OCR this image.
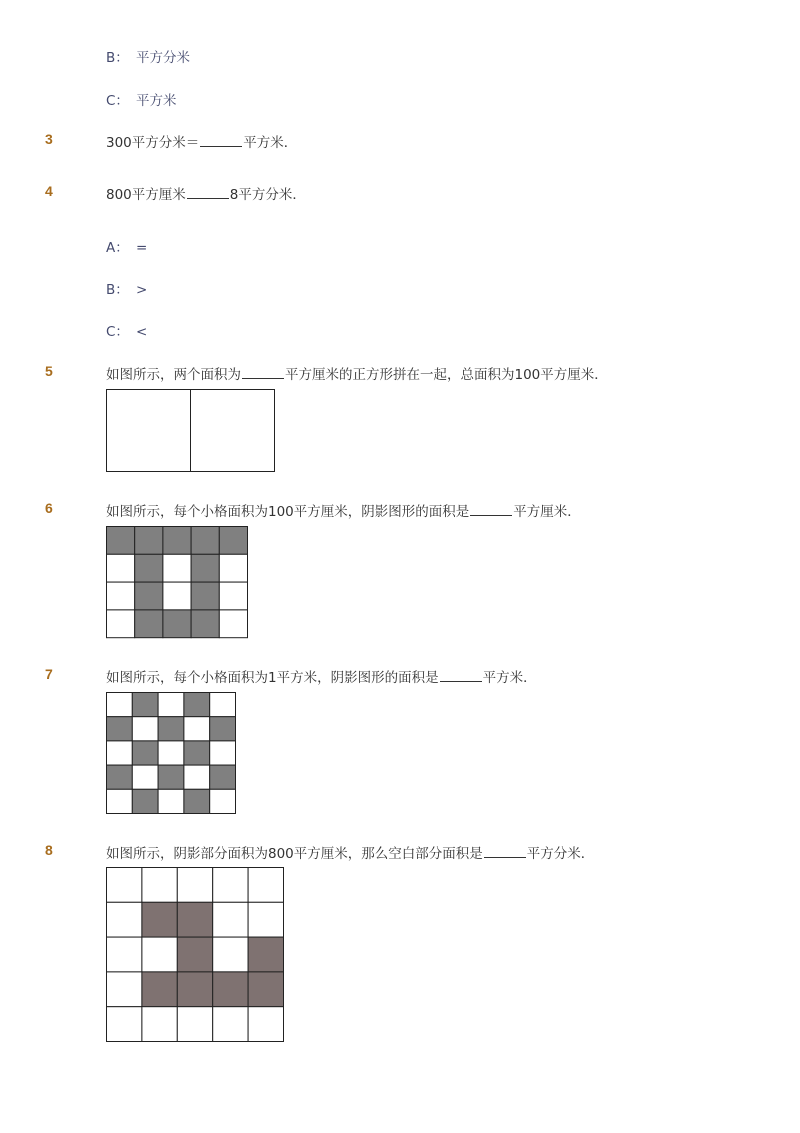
B： 平方分米
C： 平方米
3	300平方分米＝	平方米．
4	800平方厘米	8平方分米．
A： =
B： >
C： <
5	如图所示，两个面积为	平方厘米的正方形拼在一起，总面积为100平方厘米．
6	如图所示，每个小格面积为100平方厘米，阴影图形的面积是	平方厘米．
7	如图所示，每个小格面积为1平方米，阴影图形的面积是	平方米．
8	如图所示，阴影部分面积为800平方厘米，那么空白部分面积是	平方分米．
